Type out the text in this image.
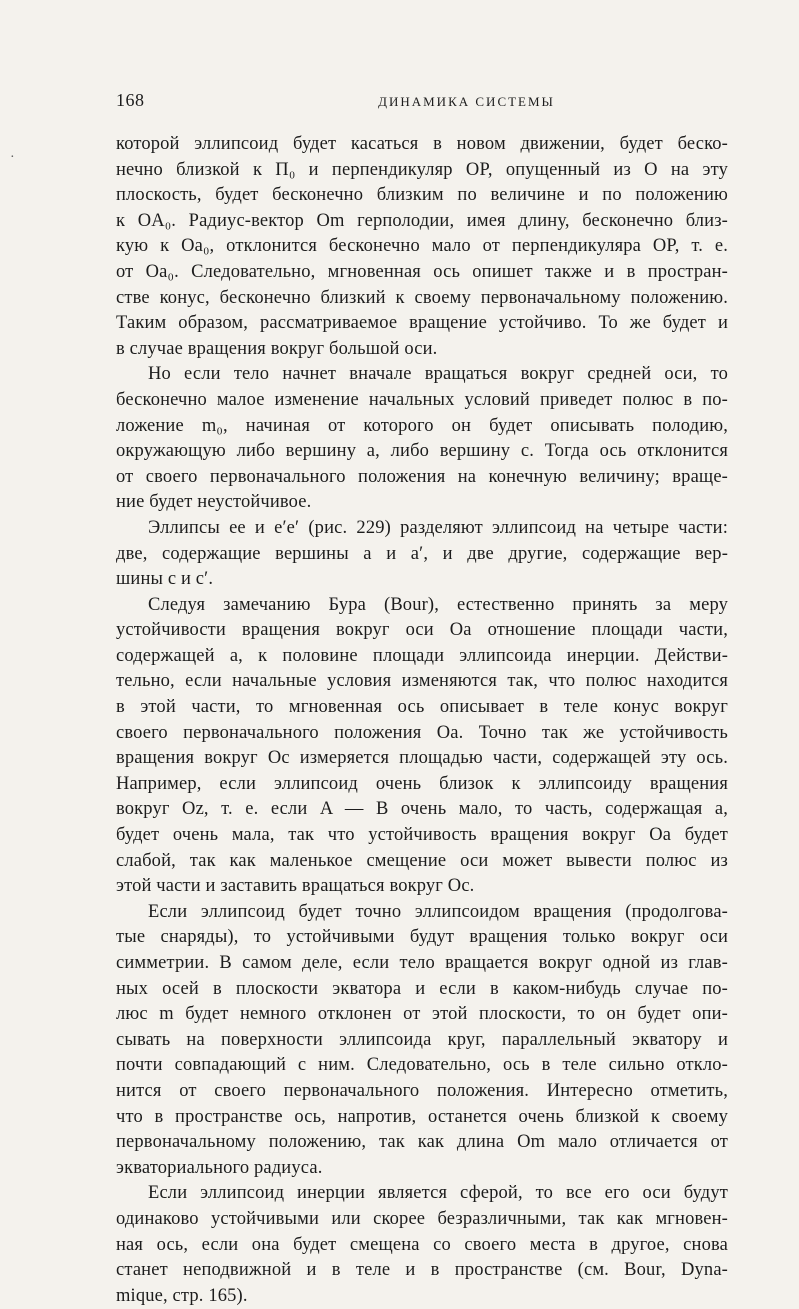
168	ДИНАМИКА СИСТЕМЫ
которой эллипсоид будет касаться в новом движении, будет беско-
нечно близкой к Π₀ и перпендикуляр OP, опущенный из O на эту
плоскость, будет бесконечно близким по величине и по положению
к OA₀. Радиус-вектор Om герполодии, имея длину, бесконечно близ-
кую к Oa₀, отклонится бесконечно мало от перпендикуляра OP, т. е.
от Oa₀. Следовательно, мгновенная ось опишет также и в простран-
стве конус, бесконечно близкий к своему первоначальному положению.
Таким образом, рассматриваемое вращение устойчиво. То же будет и
в случае вращения вокруг большой оси.
Но если тело начнет вначале вращаться вокруг средней оси, то
бесконечно малое изменение начальных условий приведет полюс в по-
ложение m₀, начиная от которого он будет описывать полодию,
окружающую либо вершину a, либо вершину c. Тогда ось отклонится
от своего первоначального положения на конечную величину; враще-
ние будет неустойчивое.
Эллипсы ee и e′e′ (рис. 229) разделяют эллипсоид на четыре части:
две, содержащие вершины a и a′, и две другие, содержащие вер-
шины c и c′.
Следуя замечанию Бура (Bour), естественно принять за меру
устойчивости вращения вокруг оси Oa отношение площади части,
содержащей a, к половине площади эллипсоида инерции. Действи-
тельно, если начальные условия изменяются так, что полюс находится
в этой части, то мгновенная ось описывает в теле конус вокруг
своего первоначального положения Oa. Точно так же устойчивость
вращения вокруг Oc измеряется площадью части, содержащей эту ось.
Например, если эллипсоид очень близок к эллипсоиду вращения
вокруг Oz, т. е. если A — B очень мало, то часть, содержащая a,
будет очень мала, так что устойчивость вращения вокруг Oa будет
слабой, так как маленькое смещение оси может вывести полюс из
этой части и заставить вращаться вокруг Oc.
Если эллипсоид будет точно эллипсоидом вращения (продолгова-
тые снаряды), то устойчивыми будут вращения только вокруг оси
симметрии. В самом деле, если тело вращается вокруг одной из глав-
ных осей в плоскости экватора и если в каком-нибудь случае по-
люс m будет немного отклонен от этой плоскости, то он будет опи-
сывать на поверхности эллипсоида круг, параллельный экватору и
почти совпадающий с ним. Следовательно, ось в теле сильно откло-
нится от своего первоначального положения. Интересно отметить,
что в пространстве ось, напротив, останется очень близкой к своему
первоначальному положению, так как длина Om мало отличается от
экваториального радиуса.
Если эллипсоид инерции является сферой, то все его оси будут
одинаково устойчивыми или скорее безразличными, так как мгновен-
ная ось, если она будет смещена со своего места в другое, снова
станет неподвижной и в теле и в пространстве (см. Bour, Dyna-
mique, стр. 165).
·
